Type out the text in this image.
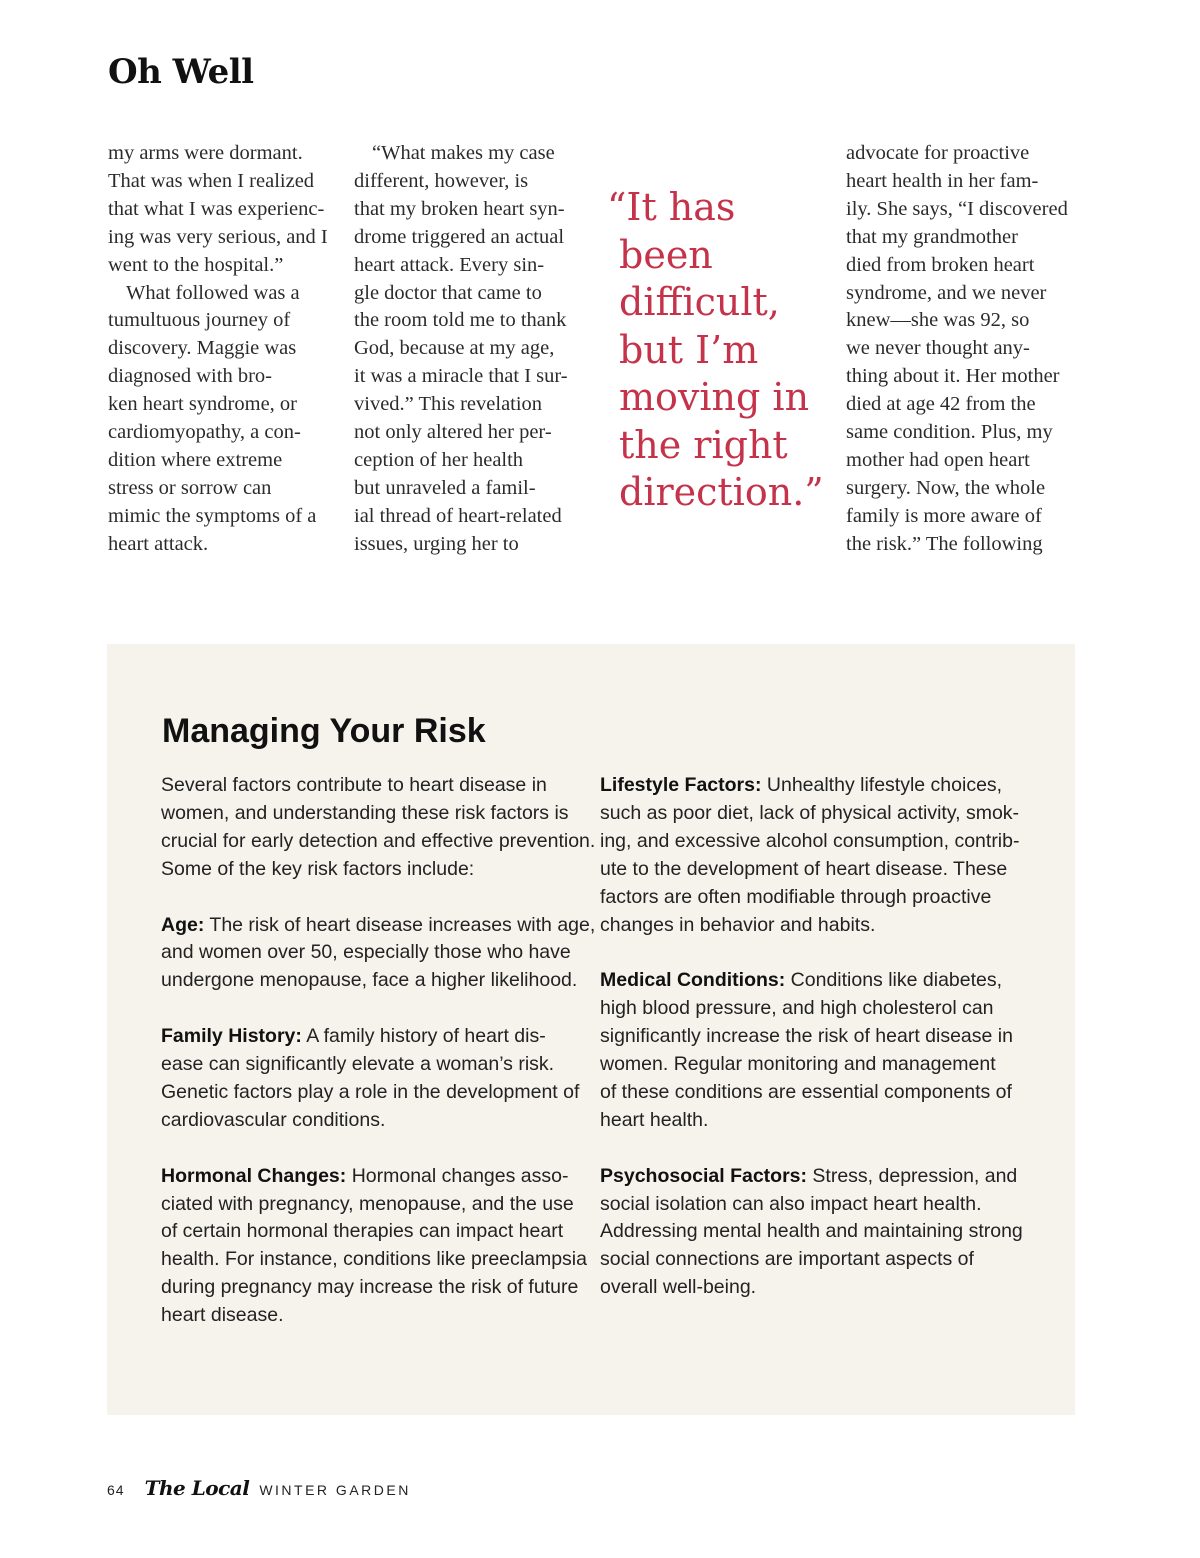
Oh Well
my arms were dormant.
That was when I realized
that what I was experienc-
ing was very serious, and I
went to the hospital.”
What followed was a
tumultuous journey of
discovery. Maggie was
diagnosed with bro-
ken heart syndrome, or
cardiomyopathy, a con-
dition where extreme
stress or sorrow can
mimic the symptoms of a
heart attack.
“What makes my case
different, however, is
that my broken heart syn-
drome triggered an actual
heart attack. Every sin-
gle doctor that came to
the room told me to thank
God, because at my age,
it was a miracle that I sur-
vived.” This revelation
not only altered her per-
ception of her health
but unraveled a famil-
ial thread of heart-related
issues, urging her to
“It has
been
difficult,
but I’m
moving in
the right
direction.”
advocate for proactive
heart health in her fam-
ily. She says, “I discovered
that my grandmother
died from broken heart
syndrome, and we never
knew—she was 92, so
we never thought any-
thing about it. Her mother
died at age 42 from the
same condition. Plus, my
mother had open heart
surgery. Now, the whole
family is more aware of
the risk.” The following
Managing Your Risk
Several factors contribute to heart disease in
women, and understanding these risk factors is
crucial for early detection and effective prevention.
Some of the key risk factors include:
Age: The risk of heart disease increases with age,
and women over 50, especially those who have
undergone menopause, face a higher likelihood.
Family History: A family history of heart dis-
ease can significantly elevate a woman’s risk.
Genetic factors play a role in the development of
cardiovascular conditions.
Hormonal Changes: Hormonal changes asso-
ciated with pregnancy, menopause, and the use
of certain hormonal therapies can impact heart
health. For instance, conditions like preeclampsia
during pregnancy may increase the risk of future
heart disease.
Lifestyle Factors: Unhealthy lifestyle choices,
such as poor diet, lack of physical activity, smok-
ing, and excessive alcohol consumption, contrib-
ute to the development of heart disease. These
factors are often modifiable through proactive
changes in behavior and habits.
Medical Conditions: Conditions like diabetes,
high blood pressure, and high cholesterol can
significantly increase the risk of heart disease in
women. Regular monitoring and management
of these conditions are essential components of
heart health.
Psychosocial Factors: Stress, depression, and
social isolation can also impact heart health.
Addressing mental health and maintaining strong
social connections are important aspects of
overall well-being.
64 The Local WINTER GARDEN
